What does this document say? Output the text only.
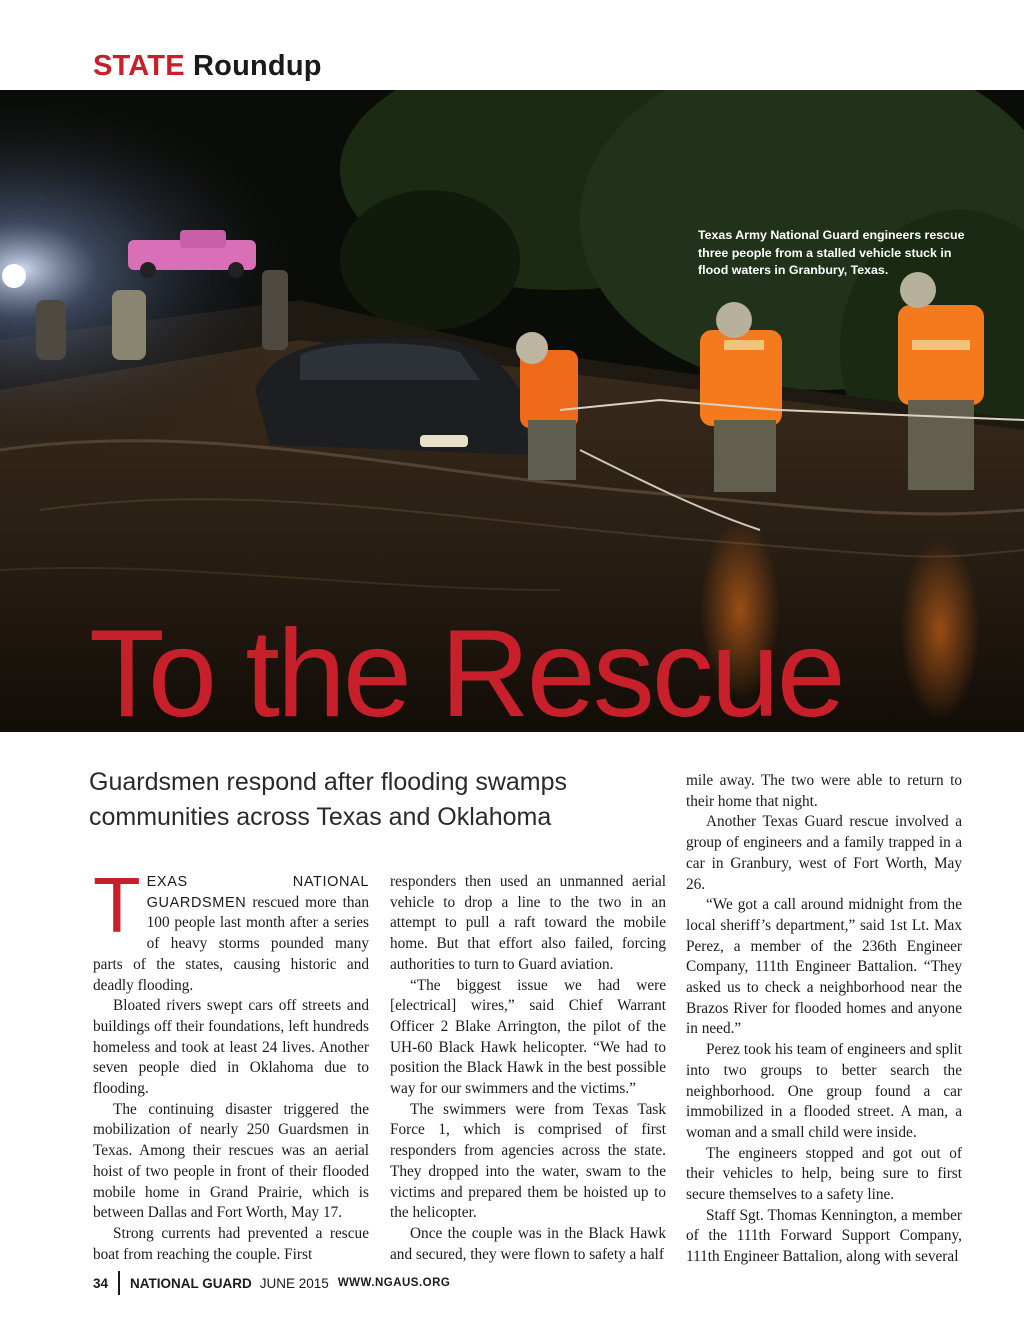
STATE Roundup
Texas Army National Guard engineers rescue three people from a stalled vehicle stuck in flood waters in Granbury, Texas.
To the Rescue
Guardsmen respond after flooding swamps communities across Texas and Oklahoma

TEXAS NATIONAL GUARDSMEN rescued more than 100 people last month after a series of heavy storms pounded many parts of the states, causing historic and deadly flooding.

Bloated rivers swept cars off streets and buildings off their foundations, left hundreds homeless and took at least 24 lives. Another seven people died in Oklahoma due to flooding.

The continuing disaster triggered the mobilization of nearly 250 Guardsmen in Texas. Among their rescues was an aerial hoist of two people in front of their flooded mobile home in Grand Prairie, which is between Dallas and Fort Worth, May 17.

Strong currents had prevented a rescue boat from reaching the couple. First

responders then used an unmanned aerial vehicle to drop a line to the two in an attempt to pull a raft toward the mobile home. But that effort also failed, forcing authorities to turn to Guard aviation.

“The biggest issue we had were [electrical] wires,” said Chief Warrant Officer 2 Blake Arrington, the pilot of the UH-60 Black Hawk helicopter. “We had to position the Black Hawk in the best possible way for our swimmers and the victims.”

The swimmers were from Texas Task Force 1, which is comprised of first responders from agencies across the state. They dropped into the water, swam to the victims and prepared them be hoisted up to the helicopter.

Once the couple was in the Black Hawk and secured, they were flown to safety a half

mile away. The two were able to return to their home that night.

Another Texas Guard rescue involved a group of engineers and a family trapped in a car in Granbury, west of Fort Worth, May 26.

“We got a call around midnight from the local sheriff’s department,” said 1st Lt. Max Perez, a member of the 236th Engineer Company, 111th Engineer Battalion. “They asked us to check a neighborhood near the Brazos River for flooded homes and anyone in need.”

Perez took his team of engineers and split into two groups to better search the neighborhood. One group found a car immobilized in a flooded street. A man, a woman and a small child were inside.

The engineers stopped and got out of their vehicles to help, being sure to first secure themselves to a safety line.

Staff Sgt. Thomas Kennington, a member of the 111th Forward Support Company, 111th Engineer Battalion, along with several

34 NATIONAL GUARD JUNE 2015 WWW.NGAUS.ORG
